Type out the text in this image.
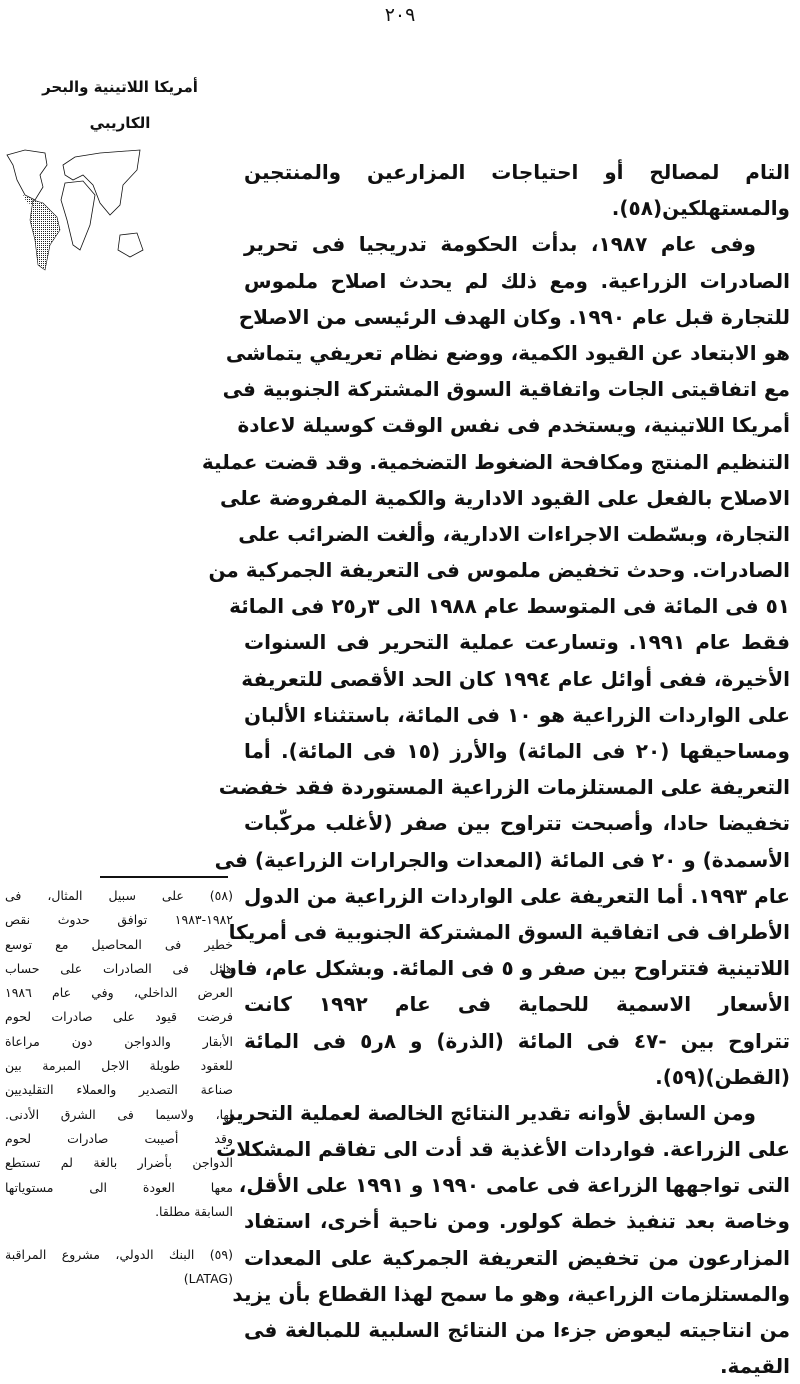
٢٠٩
أمريكا اللاتينية والبحر
الكاريبي
التام لمصالح أو احتياجات المزارعين والمنتجين
والمستهلكين(٥٨).
وفى عام ١٩٨٧، بدأت الحكومة تدريجيا فى تحرير
الصادرات الزراعية. ومع ذلك لم يحدث اصلاح ملموس
للتجارة قبل عام ١٩٩٠. وكان الهدف الرئيسى من الاصلاح
هو الابتعاد عن القيود الكمية، ووضع نظام تعريفي يتماشى
مع اتفاقيتى الجات واتفاقية السوق المشتركة الجنوبية فى
أمريكا اللاتينية، ويستخدم فى نفس الوقت كوسيلة لاعادة
التنظيم المنتج ومكافحة الضغوط التضخمية. وقد قضت عملية
الاصلاح بالفعل على القيود الادارية والكمية المفروضة على
التجارة، وبسّطت الاجراءات الادارية، وألغت الضرائب على
الصادرات. وحدث تخفيض ملموس فى التعريفة الجمركية من
٥١ فى المائة فى المتوسط عام ١٩٨٨ الى ٣ر٢٥ فى المائة
فقط عام ١٩٩١. وتسارعت عملية التحرير فى السنوات
الأخيرة، ففى أوائل عام ١٩٩٤ كان الحد الأقصى للتعريفة
على الواردات الزراعية هو ١٠ فى المائة، باستثناء الألبان
ومساحيقها (٢٠ فى المائة) والأرز (١٥ فى المائة). أما
التعريفة على المستلزمات الزراعية المستوردة فقد خفضت
تخفيضا حادا، وأصبحت تتراوح بين صفر (لأغلب مركّبات
الأسمدة) و ٢٠ فى المائة (المعدات والجرارات الزراعية) فى
عام ١٩٩٣. أما التعريفة على الواردات الزراعية من الدول
الأطراف فى اتفاقية السوق المشتركة الجنوبية فى أمريكا
اللاتينية فتتراوح بين صفر و ٥ فى المائة. وبشكل عام، فان
الأسعار الاسمية للحماية فى عام ١٩٩٢ كانت
تتراوح بين -٤٧ فى المائة (الذرة) و ٨ر٥ فى المائة
(القطن)(٥٩).
ومن السابق لأوانه تقدير النتائج الخالصة لعملية التحرير
على الزراعة. فواردات الأغذية قد أدت الى تفاقم المشكلات
التى تواجهها الزراعة فى عامى ١٩٩٠ و ١٩٩١ على الأقل،
وخاصة بعد تنفيذ خطة كولور. ومن ناحية أخرى، استفاد
المزارعون من تخفيض التعريفة الجمركية على المعدات
والمستلزمات الزراعية، وهو ما سمح لهذا القطاع بأن يزيد
من انتاجيته ليعوض جزءا من النتائج السلبية للمبالغة فى
القيمة.
(٥٨) على سبيل المثال، فى
١٩٨٢-١٩٨٣ توافق حدوث نقص
خطير فى المحاصيل مع توسع
هائل فى الصادرات على حساب
العرض الداخلي، وفي عام ١٩٨٦
فرضت قيود على صادرات لحوم
الأبقار والدواجن دون مراعاة
للعقود طويلة الاجل المبرمة بين
صناعة التصدير والعملاء التقليديين
لها، ولاسيما فى الشرق الأدنى.
وقد أصيبت صادرات لحوم
الدواجن بأضرار بالغة لم تستطع
معها العودة الى مستوياتها
السابقة مطلقا.
(٥٩) البنك الدولي، مشروع المراقبة
(LATAG)
